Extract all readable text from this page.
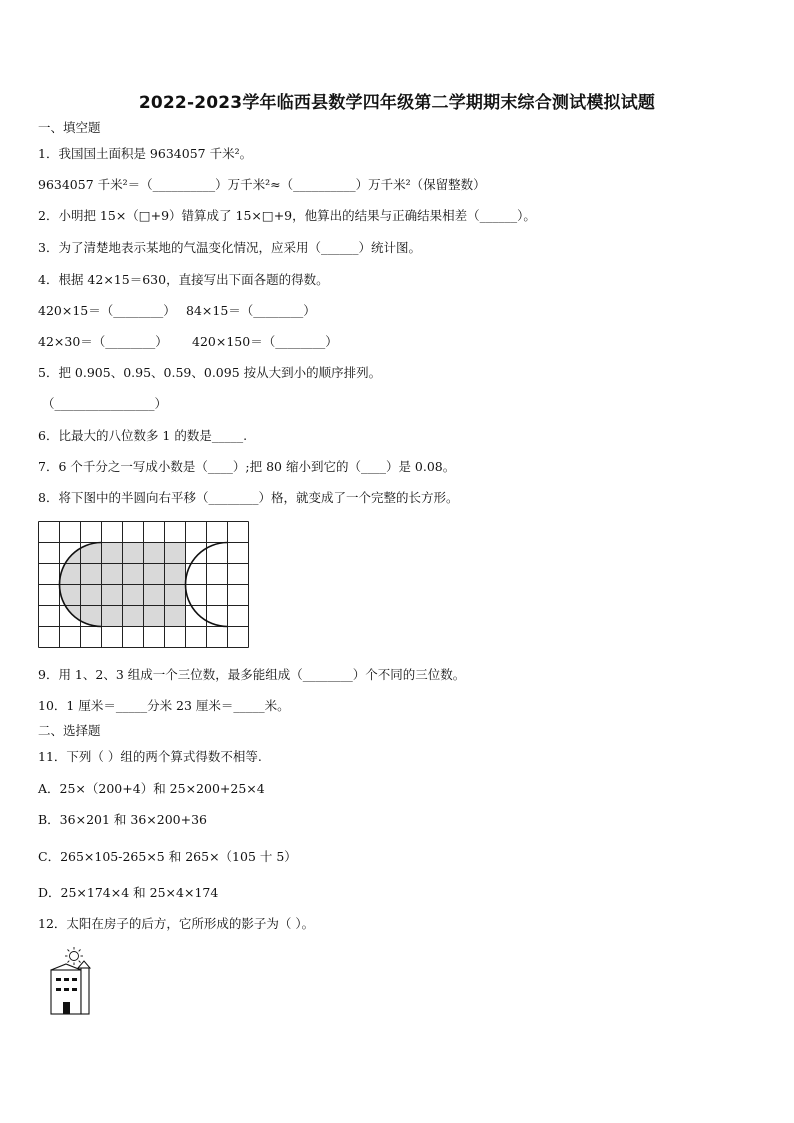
2022-2023学年临西县数学四年级第二学期期末综合测试模拟试题
一、填空题
1．我国国土面积是 9634057 千米²。
9634057 千米²＝（__________）万千米²≈（__________）万千米²（保留整数）
2．小明把 15×（□+9）错算成了 15×□+9，他算出的结果与正确结果相差（______）。
3．为了清楚地表示某地的气温变化情况，应采用（______）统计图。
4．根据 42×15＝630，直接写出下面各题的得数。
420×15＝（________） 84×15＝（________）
42×30＝（________） 420×150＝（________）
5．把 0.905、0.95、0.59、0.095 按从大到小的顺序排列。
（________________）
6．比最大的八位数多 1 的数是_____.
7．6 个千分之一写成小数是（____）;把 80 缩小到它的（____）是 0.08。
8．将下图中的半圆向右平移（________）格，就变成了一个完整的长方形。
9．用 1、2、3 组成一个三位数，最多能组成（________）个不同的三位数。
10．1 厘米＝_____分米 23 厘米＝_____米。
二、选择题
11．下列（ ）组的两个算式得数不相等.
A．25×（200+4）和 25×200+25×4
B．36×201 和 36×200+36
C．265×105-265×5 和 265×（105 十 5）
D．25×174×4 和 25×4×174
12．太阳在房子的后方，它所形成的影子为（ ）。
